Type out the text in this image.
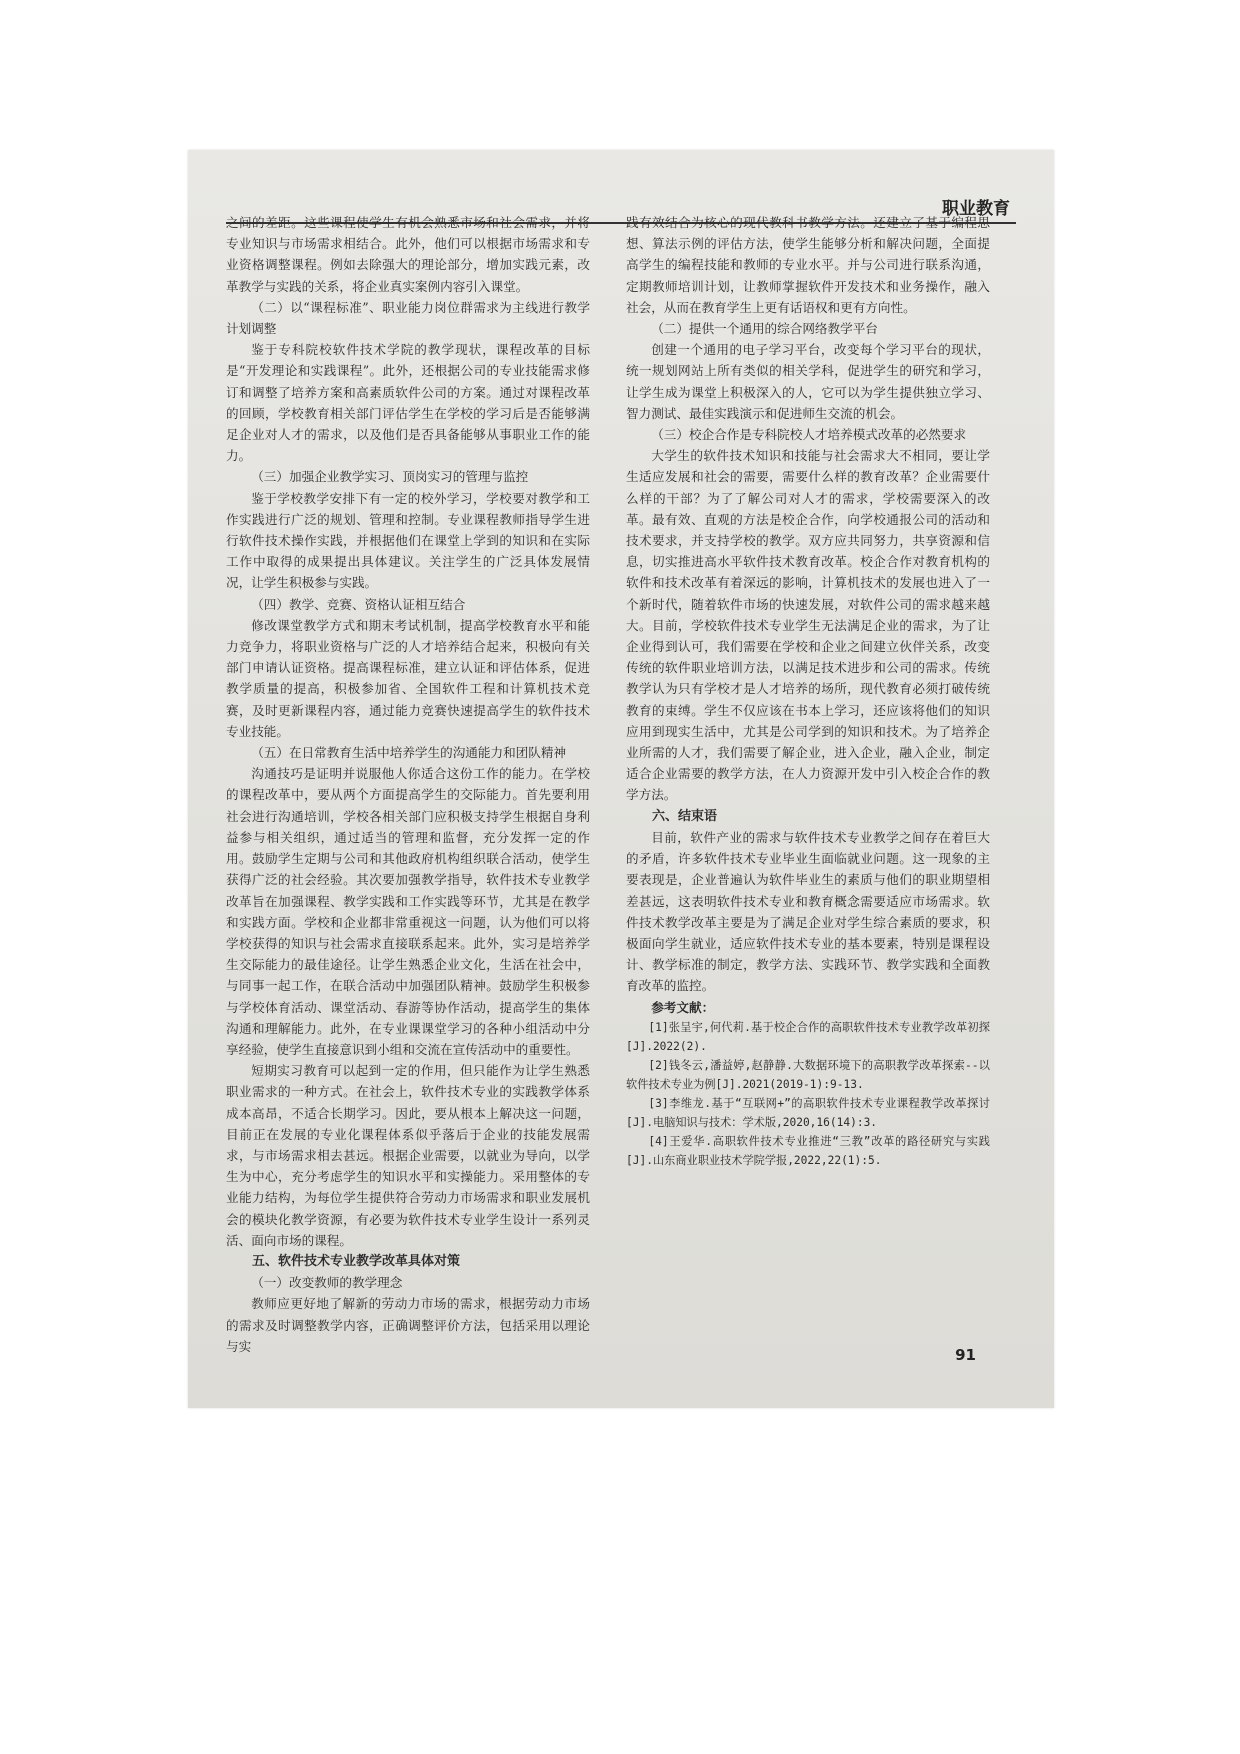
职业教育

之间的差距。这些课程使学生有机会熟悉市场和社会需求，并将专业知识与市场需求相结合。此外，他们可以根据市场需求和专业资格调整课程。例如去除强大的理论部分，增加实践元素，改革教学与实践的关系，将企业真实案例内容引入课堂。

（二）以“课程标准”、职业能力岗位群需求为主线进行教学计划调整

鉴于专科院校软件技术学院的教学现状，课程改革的目标是“开发理论和实践课程”。此外，还根据公司的专业技能需求修订和调整了培养方案和高素质软件公司的方案。通过对课程改革的回顾，学校教育相关部门评估学生在学校的学习后是否能够满足企业对人才的需求，以及他们是否具备能够从事职业工作的能力。

（三）加强企业教学实习、顶岗实习的管理与监控

鉴于学校教学安排下有一定的校外学习，学校要对教学和工作实践进行广泛的规划、管理和控制。专业课程教师指导学生进行软件技术操作实践，并根据他们在课堂上学到的知识和在实际工作中取得的成果提出具体建议。关注学生的广泛具体发展情况，让学生积极参与实践。

（四）教学、竞赛、资格认证相互结合

修改课堂教学方式和期末考试机制，提高学校教育水平和能力竞争力，将职业资格与广泛的人才培养结合起来，积极向有关部门申请认证资格。提高课程标准，建立认证和评估体系，促进教学质量的提高，积极参加省、全国软件工程和计算机技术竞赛，及时更新课程内容，通过能力竞赛快速提高学生的软件技术专业技能。

（五）在日常教育生活中培养学生的沟通能力和团队精神

沟通技巧是证明并说服他人你适合这份工作的能力。在学校的课程改革中，要从两个方面提高学生的交际能力。首先要利用社会进行沟通培训，学校各相关部门应积极支持学生根据自身利益参与相关组织，通过适当的管理和监督，充分发挥一定的作用。鼓励学生定期与公司和其他政府机构组织联合活动，使学生获得广泛的社会经验。其次要加强教学指导，软件技术专业教学改革旨在加强课程、教学实践和工作实践等环节，尤其是在教学和实践方面。学校和企业都非常重视这一问题，认为他们可以将学校获得的知识与社会需求直接联系起来。此外，实习是培养学生交际能力的最佳途径。让学生熟悉企业文化，生活在社会中，与同事一起工作，在联合活动中加强团队精神。鼓励学生积极参与学校体育活动、课堂活动、春游等协作活动，提高学生的集体沟通和理解能力。此外，在专业课课堂学习的各种小组活动中分享经验，使学生直接意识到小组和交流在宣传活动中的重要性。

短期实习教育可以起到一定的作用，但只能作为让学生熟悉职业需求的一种方式。在社会上，软件技术专业的实践教学体系成本高昂，不适合长期学习。因此，要从根本上解决这一问题，目前正在发展的专业化课程体系似乎落后于企业的技能发展需求，与市场需求相去甚远。根据企业需要，以就业为导向，以学生为中心，充分考虑学生的知识水平和实操能力。采用整体的专业能力结构，为每位学生提供符合劳动力市场需求和职业发展机会的模块化教学资源，有必要为软件技术专业学生设计一系列灵活、面向市场的课程。

五、软件技术专业教学改革具体对策

（一）改变教师的教学理念

教师应更好地了解新的劳动力市场的需求，根据劳动力市场的需求及时调整教学内容，正确调整评价方法，包括采用以理论与实

践有效结合为核心的现代教科书教学方法。还建立了基于编程思想、算法示例的评估方法，使学生能够分析和解决问题，全面提高学生的编程技能和教师的专业水平。并与公司进行联系沟通，定期教师培训计划，让教师掌握软件开发技术和业务操作，融入社会，从而在教育学生上更有话语权和更有方向性。

（二）提供一个通用的综合网络教学平台

创建一个通用的电子学习平台，改变每个学习平台的现状，统一规划网站上所有类似的相关学科，促进学生的研究和学习，让学生成为课堂上积极深入的人，它可以为学生提供独立学习、智力测试、最佳实践演示和促进师生交流的机会。

（三）校企合作是专科院校人才培养模式改革的必然要求

大学生的软件技术知识和技能与社会需求大不相同，要让学生适应发展和社会的需要，需要什么样的教育改革？企业需要什么样的干部？为了了解公司对人才的需求，学校需要深入的改革。最有效、直观的方法是校企合作，向学校通报公司的活动和技术要求，并支持学校的教学。双方应共同努力，共享资源和信息，切实推进高水平软件技术教育改革。校企合作对教育机构的软件和技术改革有着深远的影响，计算机技术的发展也进入了一个新时代，随着软件市场的快速发展，对软件公司的需求越来越大。目前，学校软件技术专业学生无法满足企业的需求，为了让企业得到认可，我们需要在学校和企业之间建立伙伴关系，改变传统的软件职业培训方法，以满足技术进步和公司的需求。传统教学认为只有学校才是人才培养的场所，现代教育必须打破传统教育的束缚。学生不仅应该在书本上学习，还应该将他们的知识应用到现实生活中，尤其是公司学到的知识和技术。为了培养企业所需的人才，我们需要了解企业，进入企业，融入企业，制定适合企业需要的教学方法，在人力资源开发中引入校企合作的教学方法。

六、结束语

目前，软件产业的需求与软件技术专业教学之间存在着巨大的矛盾，许多软件技术专业毕业生面临就业问题。这一现象的主要表现是，企业普遍认为软件毕业生的素质与他们的职业期望相差甚远，这表明软件技术专业和教育概念需要适应市场需求。软件技术教学改革主要是为了满足企业对学生综合素质的要求，积极面向学生就业，适应软件技术专业的基本要素，特别是课程设计、教学标准的制定，教学方法、实践环节、教学实践和全面教育改革的监控。

参考文献：

[1]张呈宇,何代莉.基于校企合作的高职软件技术专业教学改革初探[J].2022(2).

[2]钱冬云,潘益婷,赵静静.大数据环境下的高职教学改革探索--以软件技术专业为例[J].2021(2019-1):9-13.

[3]李维龙.基于“互联网+”的高职软件技术专业课程教学改革探讨[J].电脑知识与技术：学术版,2020,16(14):3.

[4]王爱华.高职软件技术专业推进“三教”改革的路径研究与实践[J].山东商业职业技术学院学报,2022,22(1):5.

91
